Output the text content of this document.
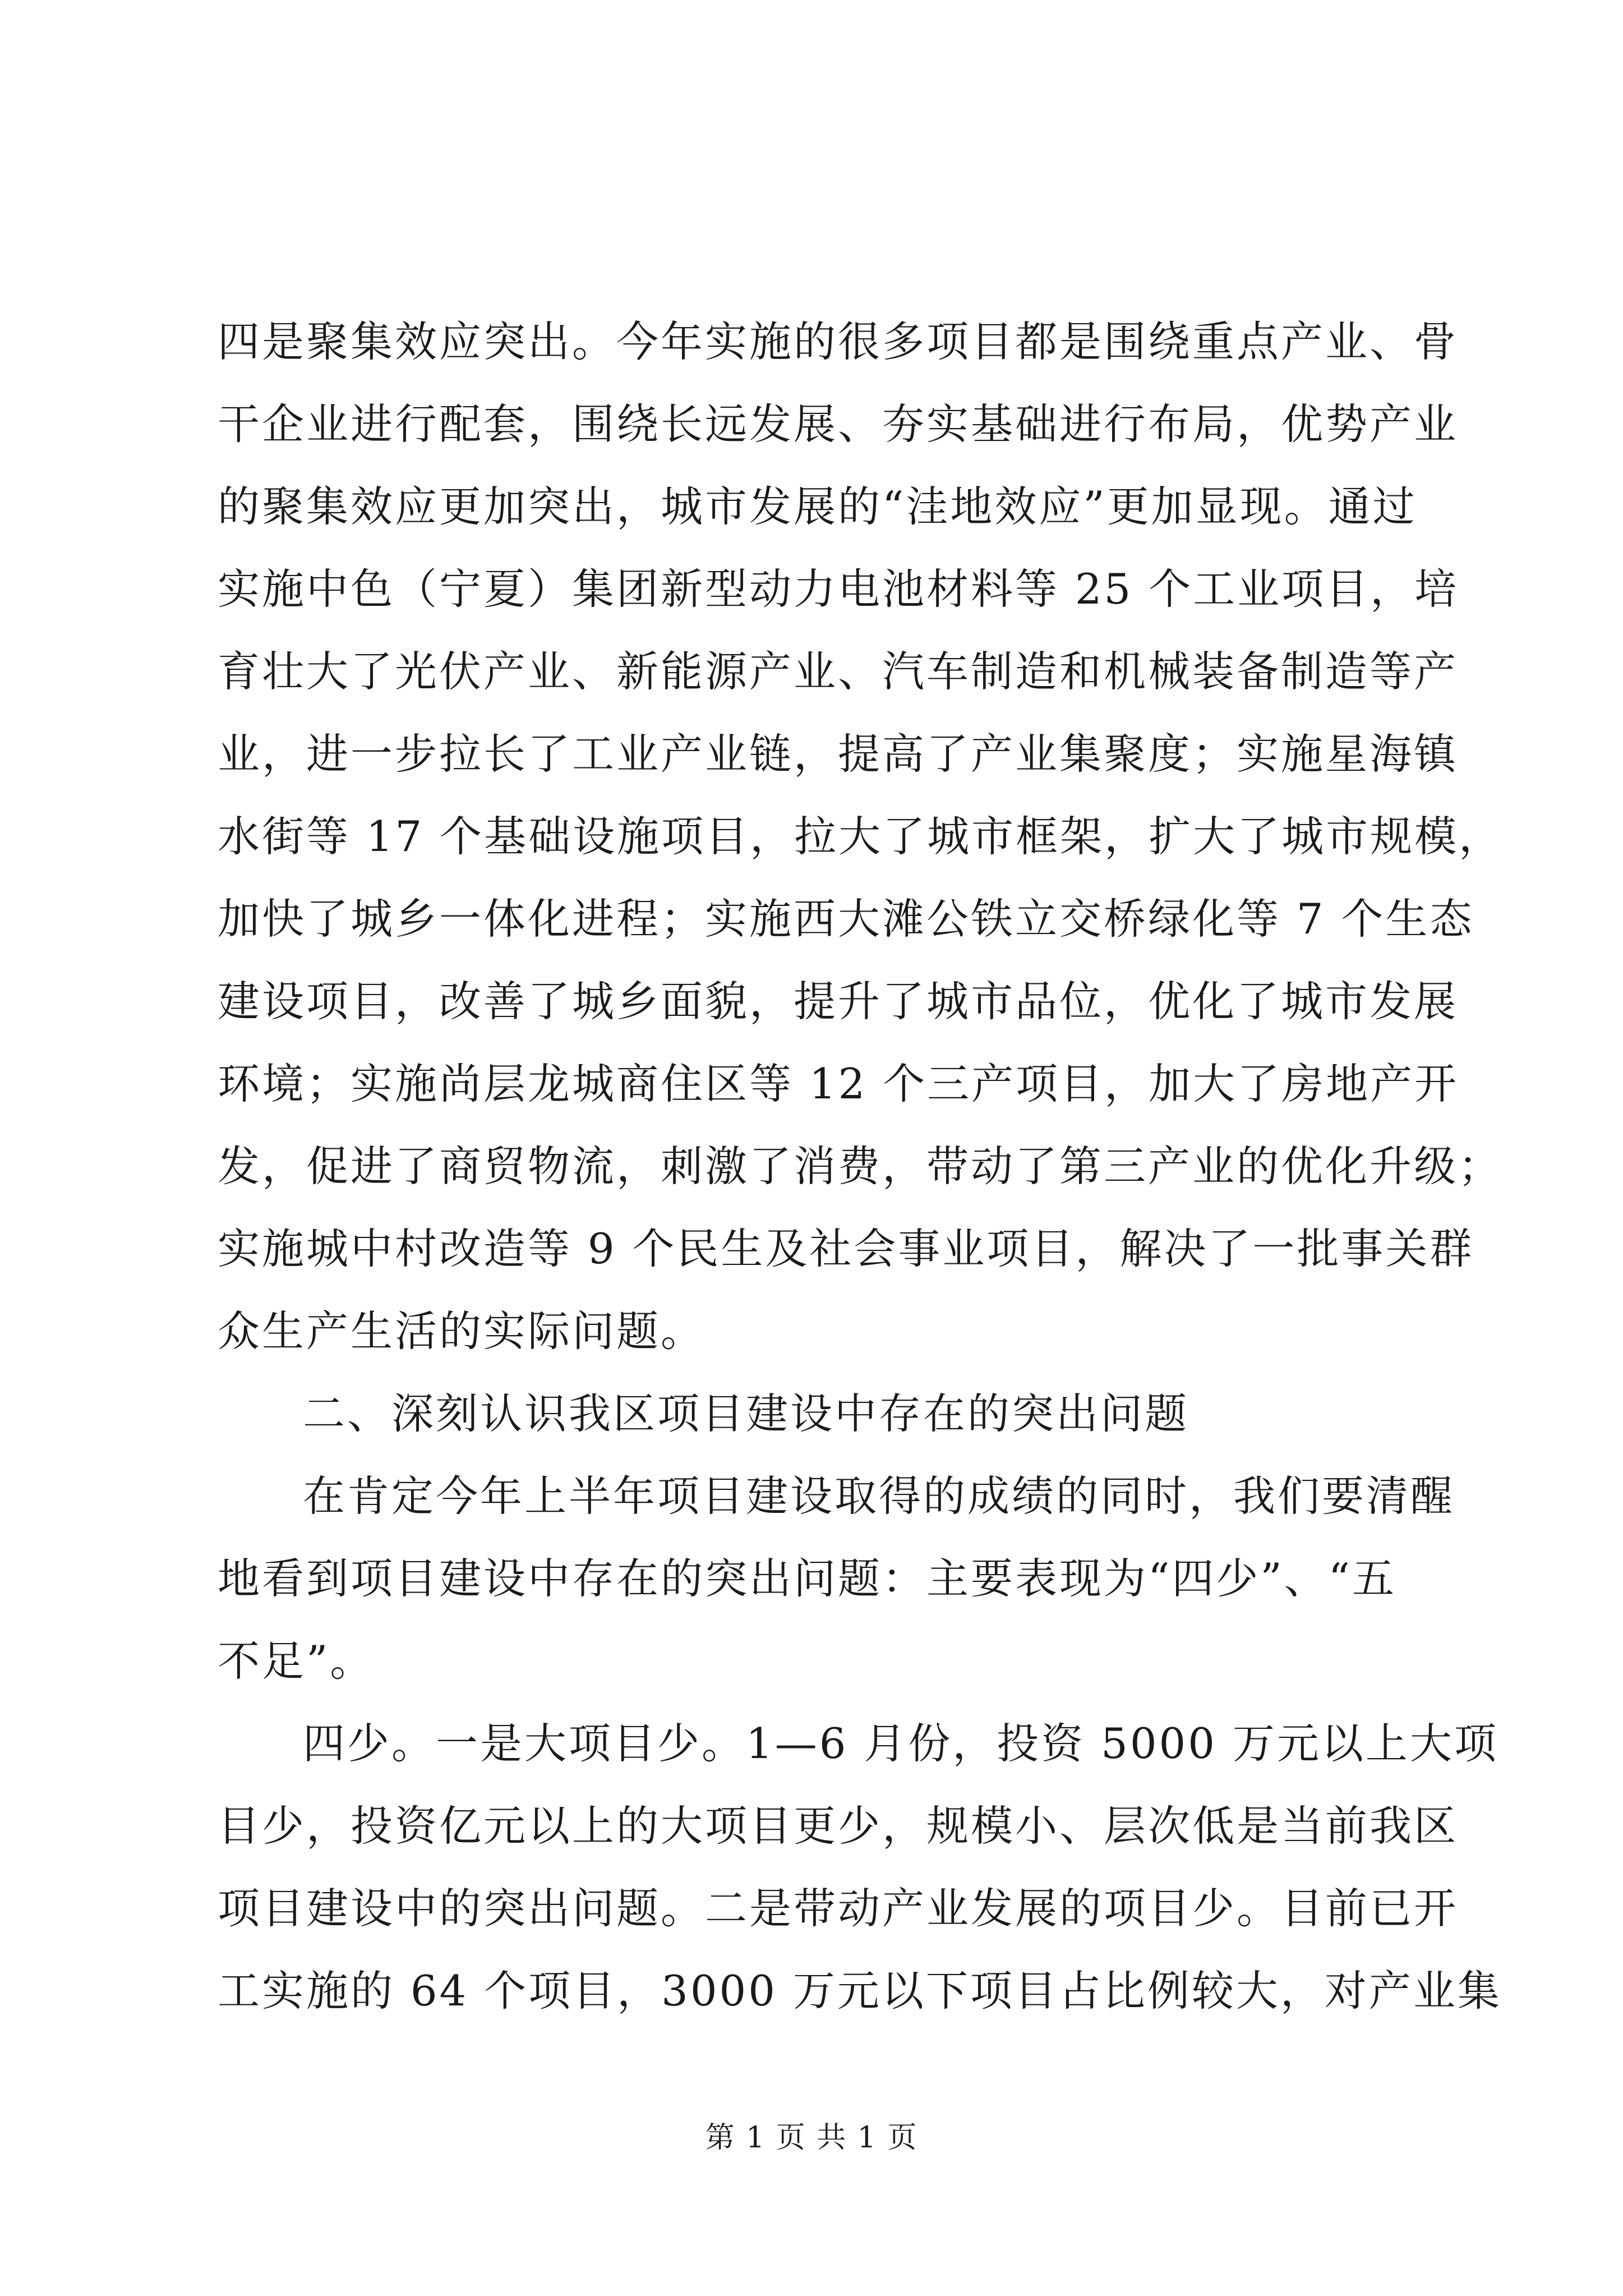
四是聚集效应突出。今年实施的很多项目都是围绕重点产业、骨
干企业进行配套，围绕长远发展、夯实基础进行布局，优势产业
的聚集效应更加突出，城市发展的“洼地效应”更加显现。通过
实施中色（宁夏）集团新型动力电池材料等 25 个工业项目，培
育壮大了光伏产业、新能源产业、汽车制造和机械装备制造等产
业，进一步拉长了工业产业链，提高了产业集聚度；实施星海镇
水街等 17 个基础设施项目，拉大了城市框架，扩大了城市规模，
加快了城乡一体化进程；实施西大滩公铁立交桥绿化等 7 个生态
建设项目，改善了城乡面貌，提升了城市品位，优化了城市发展
环境；实施尚层龙城商住区等 12 个三产项目，加大了房地产开
发，促进了商贸物流，刺激了消费，带动了第三产业的优化升级；
实施城中村改造等 9 个民生及社会事业项目，解决了一批事关群
众生产生活的实际问题。
二、深刻认识我区项目建设中存在的突出问题
在肯定今年上半年项目建设取得的成绩的同时，我们要清醒
地看到项目建设中存在的突出问题：主要表现为“四少”、“五
不足”。
四少。一是大项目少。1—6 月份，投资 5000 万元以上大项
目少，投资亿元以上的大项目更少，规模小、层次低是当前我区
项目建设中的突出问题。二是带动产业发展的项目少。目前已开
工实施的 64 个项目，3000 万元以下项目占比例较大，对产业集
第 1 页 共 1 页
